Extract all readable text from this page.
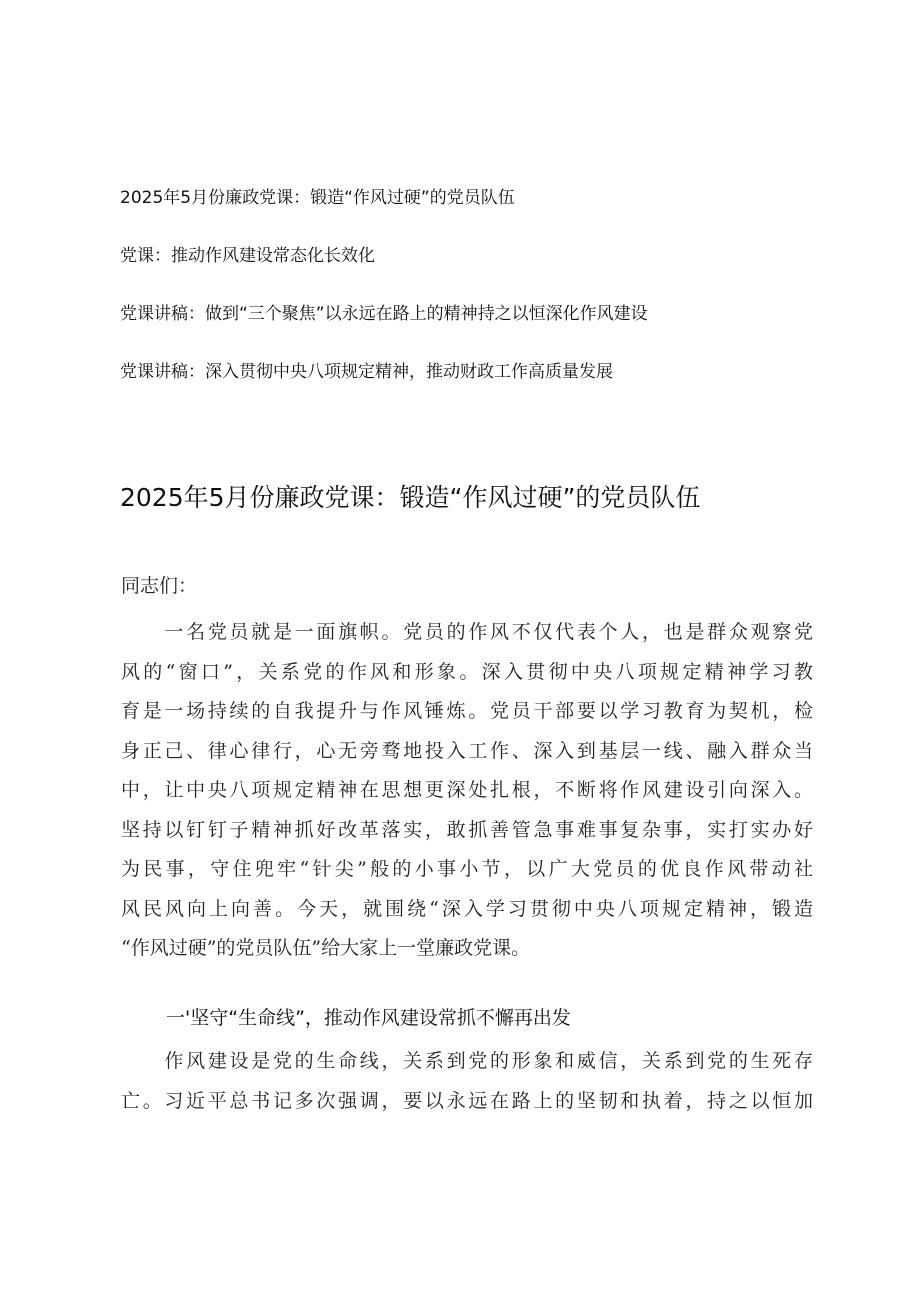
2025年5月份廉政党课：锻造“作风过硬”的党员队伍
党课：推动作风建设常态化长效化
党课讲稿：做到“三个聚焦”以永远在路上的精神持之以恒深化作风建设
党课讲稿：深入贯彻中央八项规定精神，推动财政工作高质量发展
2025年5月份廉政党课：锻造“作风过硬”的党员队伍
同志们：
　　一名党员就是一面旗帜。党员的作风不仅代表个人，也是群众观察党
风的“窗口”，关系党的作风和形象。深入贯彻中央八项规定精神学习教
育是一场持续的自我提升与作风锤炼。党员干部要以学习教育为契机，检
身正己、律心律行，心无旁骛地投入工作、深入到基层一线、融入群众当
中，让中央八项规定精神在思想更深处扎根，不断将作风建设引向深入。
坚持以钉钉子精神抓好改革落实，敢抓善管急事难事复杂事，实打实办好
为民事，守住兜牢“针尖”般的小事小节，以广大党员的优良作风带动社
风民风向上向善。今天，就围绕“深入学习贯彻中央八项规定精神，锻造
“作风过硬”的党员队伍”给大家上一堂廉政党课。
一'坚守“生命线”，推动作风建设常抓不懈再出发
　　作风建设是党的生命线，关系到党的形象和威信，关系到党的生死存
亡。习近平总书记多次强调，要以永远在路上的坚韧和执着，持之以恒加
